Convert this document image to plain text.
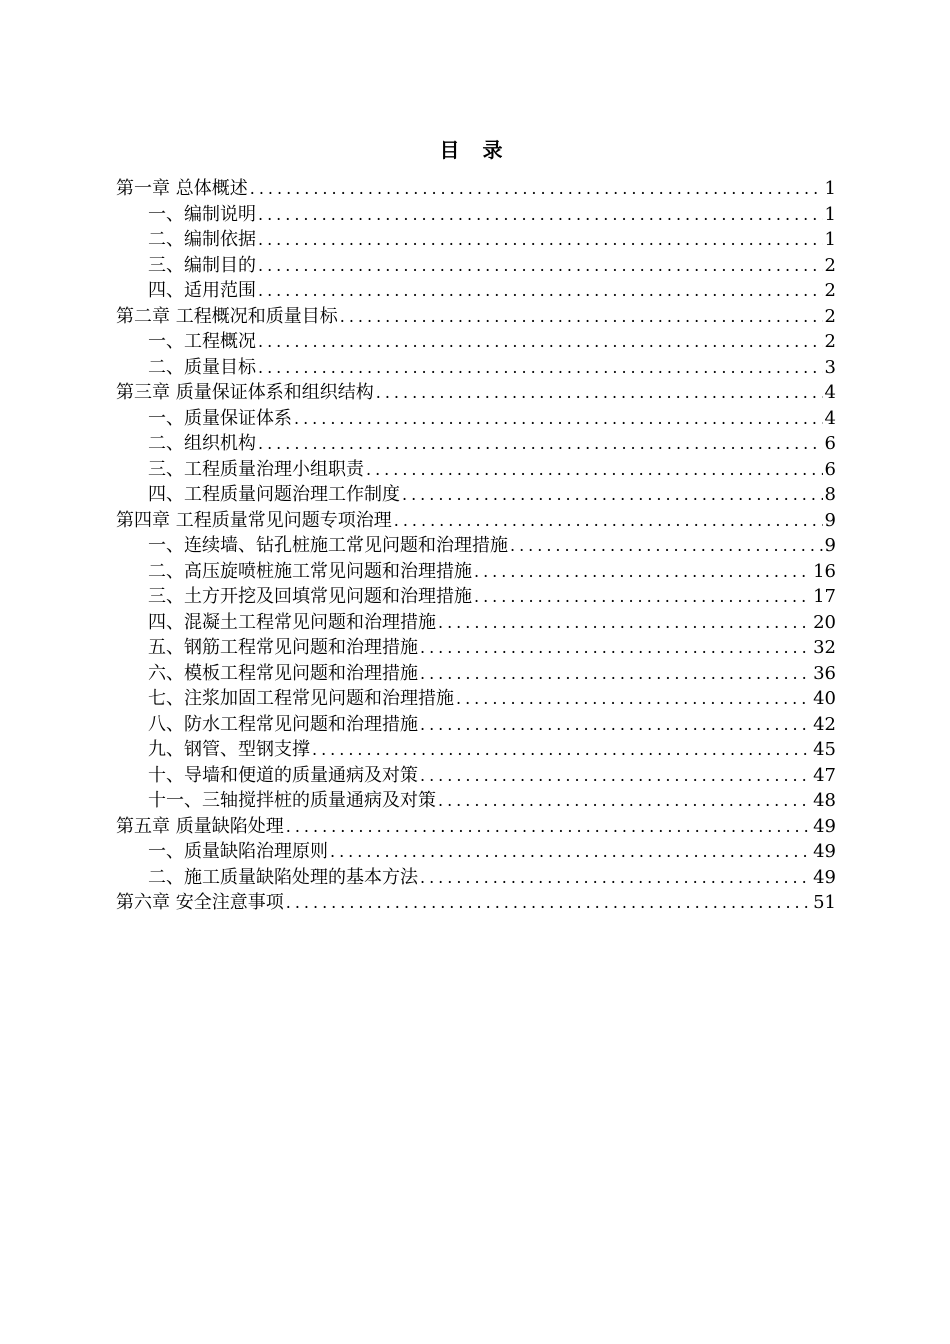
目 录
第一章 总体概述 .....	1
一、编制说明 .....	1
二、编制依据 .....	1
三、编制目的 .....	2
四、适用范围 .....	2
第二章 工程概况和质量目标 .....	2
一、工程概况 .....	2
二、质量目标 .....	3
第三章 质量保证体系和组织结构 .....	4
一、质量保证体系 .....	4
二、组织机构 .....	6
三、工程质量治理小组职责 .....	6
四、工程质量问题治理工作制度 .....	8
第四章 工程质量常见问题专项治理 .....	9
一、连续墙、钻孔桩施工常见问题和治理措施 .....	9
二、高压旋喷桩施工常见问题和治理措施 .....	16
三、土方开挖及回填常见问题和治理措施 .....	17
四、混凝土工程常见问题和治理措施 .....	20
五、钢筋工程常见问题和治理措施 .....	32
六、模板工程常见问题和治理措施 .....	36
七、注浆加固工程常见问题和治理措施 .....	40
八、防水工程常见问题和治理措施 .....	42
九、钢管、型钢支撑 .....	45
十、导墙和便道的质量通病及对策 .....	47
十一、三轴搅拌桩的质量通病及对策 .....	48
第五章 质量缺陷处理 .....	49
一、质量缺陷治理原则 .....	49
二、施工质量缺陷处理的基本方法 .....	49
第六章 安全注意事项 .....	51
